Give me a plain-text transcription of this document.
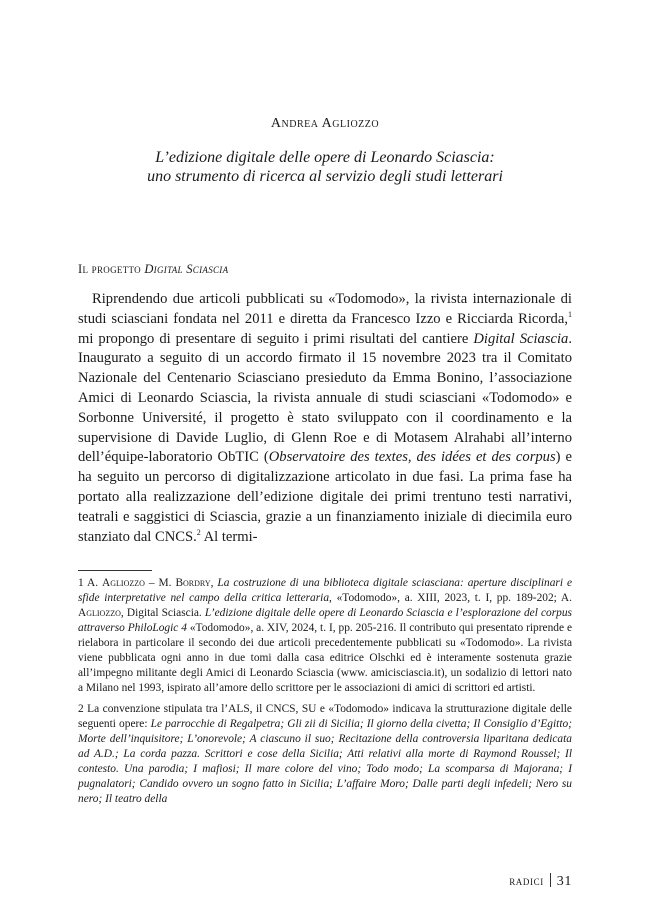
Andrea Agliozzo
L’edizione digitale delle opere di Leonardo Sciascia:
uno strumento di ricerca al servizio degli studi letterari
Il progetto Digital Sciascia

Riprendendo due articoli pubblicati su «Todomodo», la rivista internazionale di studi sciasciani fondata nel 2011 e diretta da Francesco Izzo e Ricciarda Ricorda,$^1$ mi propongo di presentare di seguito i primi risultati del cantiere Digital Sciascia. Inaugurato a seguito di un accordo firmato il 15 novembre 2023 tra il Comitato Nazionale del Centenario Sciasciano presieduto da Emma Bonino, l’associazione Amici di Leonardo Sciascia, la rivista annuale di studi sciasciani «Todomodo» e Sorbonne Université, il progetto è stato sviluppato con il coordinamento e la supervisione di Davide Luglio, di Glenn Roe e di Motasem Alrahabi all’interno dell’équipe-laboratorio ObTIC (Observatoire des textes, des idées et des corpus) e ha seguito un percorso di digitalizzazione articolato in due fasi. La prima fase ha portato alla realizzazione dell’edizione digitale dei primi trentuno testi narrativi, teatrali e saggistici di Sciascia, grazie a un finanziamento iniziale di diecimila euro stanziato dal CNCS.$^2$ Al termi-

1 A. Agliozzo – M. Bordry, La costruzione di una biblioteca digitale sciasciana: aperture disciplinari e sfide interpretative nel campo della critica letteraria, «Todomodo», a. XIII, 2023, t. I, pp. 189-202; A. Agliozzo, Digital Sciascia. L’edizione digitale delle opere di Leonardo Sciascia e l’esplorazione del corpus attraverso PhiloLogic 4 «Todomodo», a. XIV, 2024, t. I, pp. 205-216. Il contributo qui presentato riprende e rielabora in particolare il secondo dei due articoli precedentemente pubblicati su «Todomodo». La rivista viene pubblicata ogni anno in due tomi dalla casa editrice Olschki ed è interamente sostenuta grazie all’impegno militante degli Amici di Leonardo Sciascia (www. amicisciascia.it), un sodalizio di lettori nato a Milano nel 1993, ispirato all’amore dello scrittore per le associazioni di amici di scrittori ed artisti.

2 La convenzione stipulata tra l’ALS, il CNCS, SU e «Todomodo» indicava la strutturazione digitale delle seguenti opere: Le parrocchie di Regalpetra; Gli zii di Sicilia; Il giorno della civetta; Il Consiglio d’Egitto; Morte dell’inquisitore; L’onorevole; A ciascuno il suo; Recitazione della controversia liparitana dedicata ad A.D.; La corda pazza. Scrittori e cose della Sicilia; Atti relativi alla morte di Raymond Roussel; Il contesto. Una parodia; I mafiosi; Il mare colore del vino; Todo modo; La scomparsa di Majorana; I pugnalatori; Candido ovvero un sogno fatto in Sicilia; L’affaire Moro; Dalle parti degli infedeli; Nero su nero; Il teatro della

radici 31
